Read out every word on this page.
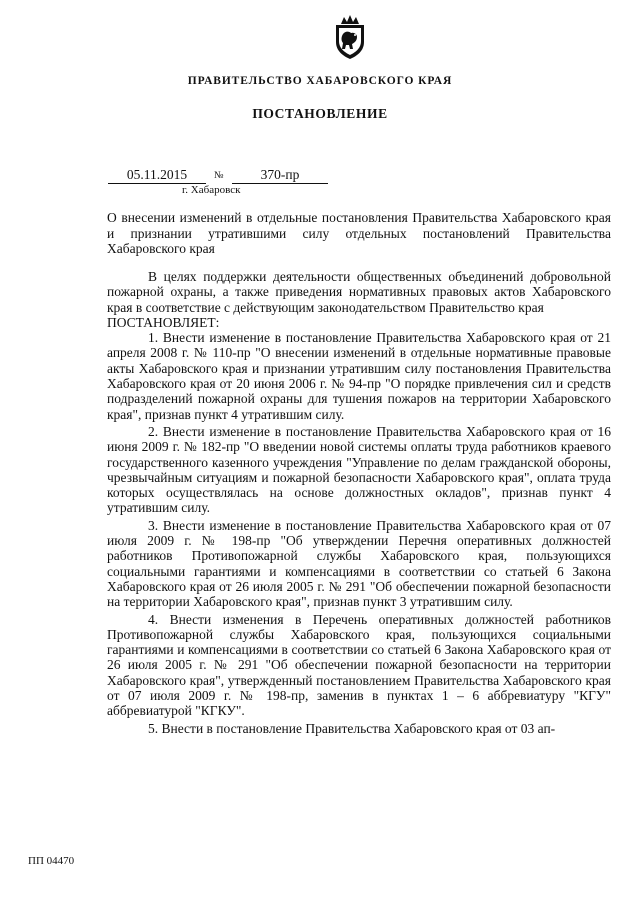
ПРАВИТЕЛЬСТВО ХАБАРОВСКОГО КРАЯ
ПОСТАНОВЛЕНИЕ
05.11.2015	№	370-пр
г. Хабаровск
О внесении изменений в отдельные постановления Правительства Хабаровского края и признании утратившими силу отдельных постановлений Правительства Хабаровского края

В целях поддержки деятельности общественных объединений добровольной пожарной охраны, а также приведения нормативных правовых актов Хабаровского края в соответствие с действующим законодательством Правительство края

ПОСТАНОВЛЯЕТ:

1. Внести изменение в постановление Правительства Хабаровского края от 21 апреля 2008 г. № 110-пр "О внесении изменений в отдельные нормативные правовые акты Хабаровского края и признании утратившим силу постановления Правительства Хабаровского края от 20 июня 2006 г. № 94-пр "О порядке привлечения сил и средств подразделений пожарной охраны для тушения пожаров на территории Хабаровского края", признав пункт 4 утратившим силу.

2. Внести изменение в постановление Правительства Хабаровского края от 16 июня 2009 г. № 182-пр "О введении новой системы оплаты труда работников краевого государственного казенного учреждения "Управление по делам гражданской обороны, чрезвычайным ситуациям и пожарной безопасности Хабаровского края", оплата труда которых осуществлялась на основе должностных окладов", признав пункт 4 утратившим силу.

3. Внести изменение в постановление Правительства Хабаровского края от 07 июля 2009 г. № 198-пр "Об утверждении Перечня оперативных должностей работников Противопожарной службы Хабаровского края, пользующихся социальными гарантиями и компенсациями в соответствии со статьей 6 Закона Хабаровского края от 26 июля 2005 г. № 291 "Об обеспечении пожарной безопасности на территории Хабаровского края", признав пункт 3 утратившим силу.

4. Внести изменения в Перечень оперативных должностей работников Противопожарной службы Хабаровского края, пользующихся социальными гарантиями и компенсациями в соответствии со статьей 6 Закона Хабаровского края от 26 июля 2005 г. № 291 "Об обеспечении пожарной безопасности на территории Хабаровского края", утвержденный постановлением Правительства Хабаровского края от 07 июля 2009 г. № 198-пр, заменив в пунктах 1 – 6 аббревиатуру "КГУ" аббревиатурой "КГКУ".

5. Внести в постановление Правительства Хабаровского края от 03 ап-

ПП 04470
